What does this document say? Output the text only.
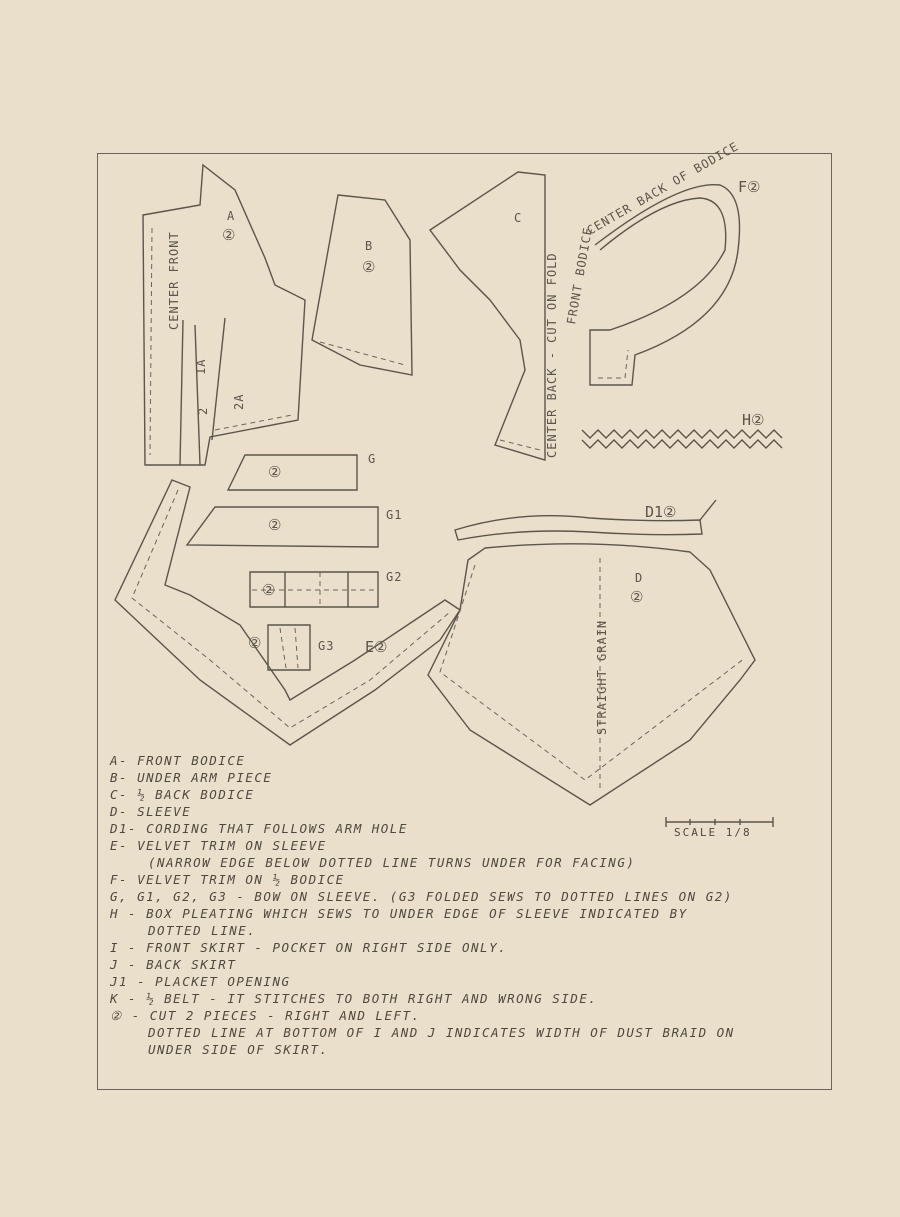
A
②
CENTER FRONT
1A
2
2A
B
②
C
CENTER BACK - CUT ON FOLD
CENTER BACK OF BODICE
FRONT BODICE
F②
H②
②
G
②
G1
②
G2
②	G3 E②
D1②
D
②
STRAIGHT GRAIN
SCALE 1/8
A- FRONT BODICE
B- UNDER ARM PIECE
C- ½ BACK BODICE
D- SLEEVE
D1- CORDING THAT FOLLOWS ARM HOLE
E- VELVET TRIM ON SLEEVE
(NARROW EDGE BELOW DOTTED LINE TURNS UNDER FOR FACING)
F- VELVET TRIM ON ½ BODICE
G, G1, G2, G3 - BOW ON SLEEVE. (G3 FOLDED SEWS TO DOTTED LINES ON G2)
H - BOX PLEATING WHICH SEWS TO UNDER EDGE OF SLEEVE INDICATED BY
DOTTED LINE.
I - FRONT SKIRT - POCKET ON RIGHT SIDE ONLY.
J - BACK SKIRT
J1 - PLACKET OPENING
K - ½ BELT - IT STITCHES TO BOTH RIGHT AND WRONG SIDE.
② - CUT 2 PIECES - RIGHT AND LEFT.
DOTTED LINE AT BOTTOM OF I AND J INDICATES WIDTH OF DUST BRAID ON
UNDER SIDE OF SKIRT.
